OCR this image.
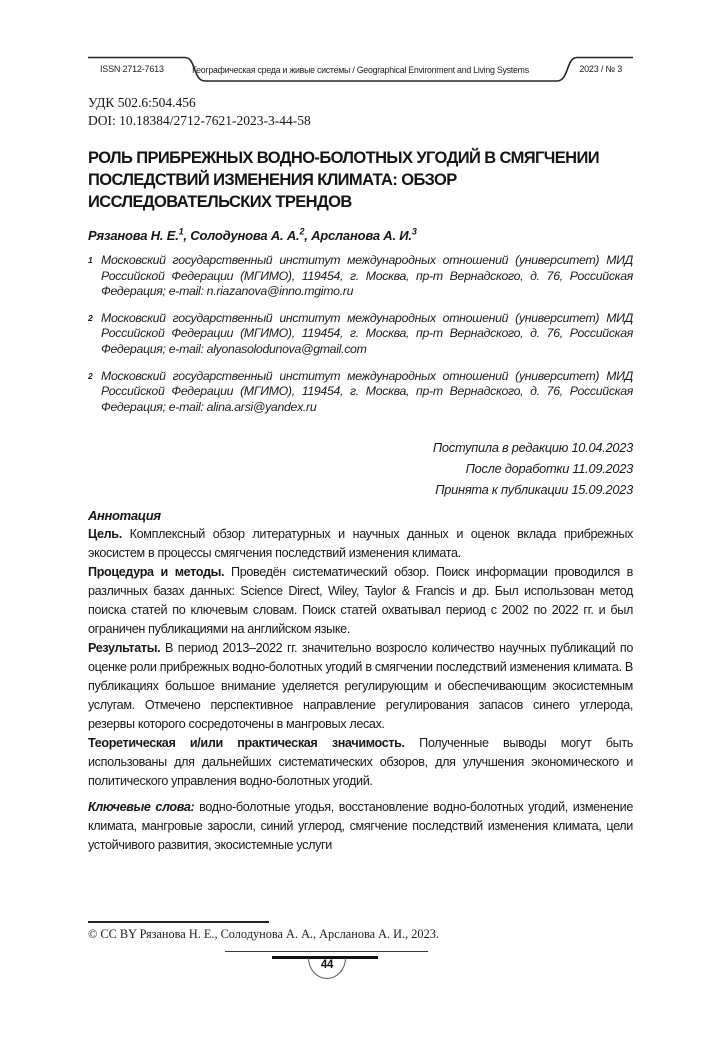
ISSN 2712-7613	Географическая среда и живые системы / Geographical Environment and Living Systems	2023 / № 3
УДК 502.6:504.456
DOI: 10.18384/2712-7621-2023-3-44-58
РОЛЬ ПРИБРЕЖНЫХ ВОДНО-БОЛОТНЫХ УГОДИЙ В СМЯГЧЕНИИ ПОСЛЕДСТВИЙ ИЗМЕНЕНИЯ КЛИМАТА: ОБЗОР ИССЛЕДОВАТЕЛЬСКИХ ТРЕНДОВ
Рязанова Н. Е.$^1$, Солодунова А. А.$^2$, Арсланова А. И.$^3$
1 Московский государственный институт международных отношений (университет) МИД Российской Федерации (МГИМО), 119454, г. Москва, пр-т Вернадского, д. 76, Российская Федерация; e-mail: n.riazanova@inno.mgimo.ru
2 Московский государственный институт международных отношений (университет) МИД Российской Федерации (МГИМО), 119454, г. Москва, пр-т Вернадского, д. 76, Российская Федерация; e-mail: alyonasolodunova@gmail.com
2 Московский государственный институт международных отношений (университет) МИД Российской Федерации (МГИМО), 119454, г. Москва, пр-т Вернадского, д. 76, Российская Федерация; e-mail: alina.arsi@yandex.ru
Поступила в редакцию 10.04.2023
После доработки 11.09.2023
Принята к публикации 15.09.2023
Аннотация

Цель. Комплексный обзор литературных и научных данных и оценок вклада прибрежных экосистем в процессы смягчения последствий изменения климата.

Процедура и методы. Проведён систематический обзор. Поиск информации проводился в различных базах данных: Science Direct, Wiley, Taylor & Francis и др. Был использован метод поиска статей по ключевым словам. Поиск статей охватывал период с 2002 по 2022 гг. и был ограничен публикациями на английском языке.

Результаты. В период 2013–2022 гг. значительно возросло количество научных публикаций по оценке роли прибрежных водно-болотных угодий в смягчении последствий изменения климата. В публикациях большое внимание уделяется регулирующим и обеспечивающим экосистемным услугам. Отмечено перспективное направление регулирования запасов синего углерода, резервы которого сосредоточены в мангровых лесах.

Теоретическая и/или практическая значимость. Полученные выводы могут быть использованы для дальнейших систематических обзоров, для улучшения экономического и политического управления водно-болотных угодий.

Ключевые слова: водно-болотные угодья, восстановление водно-болотных угодий, изменение климата, мангровые заросли, синий углерод, смягчение последствий изменения климата, цели устойчивого развития, экосистемные услуги

© CC BY Рязанова Н. Е., Солодунова А. А., Арсланова А. И., 2023.
44
